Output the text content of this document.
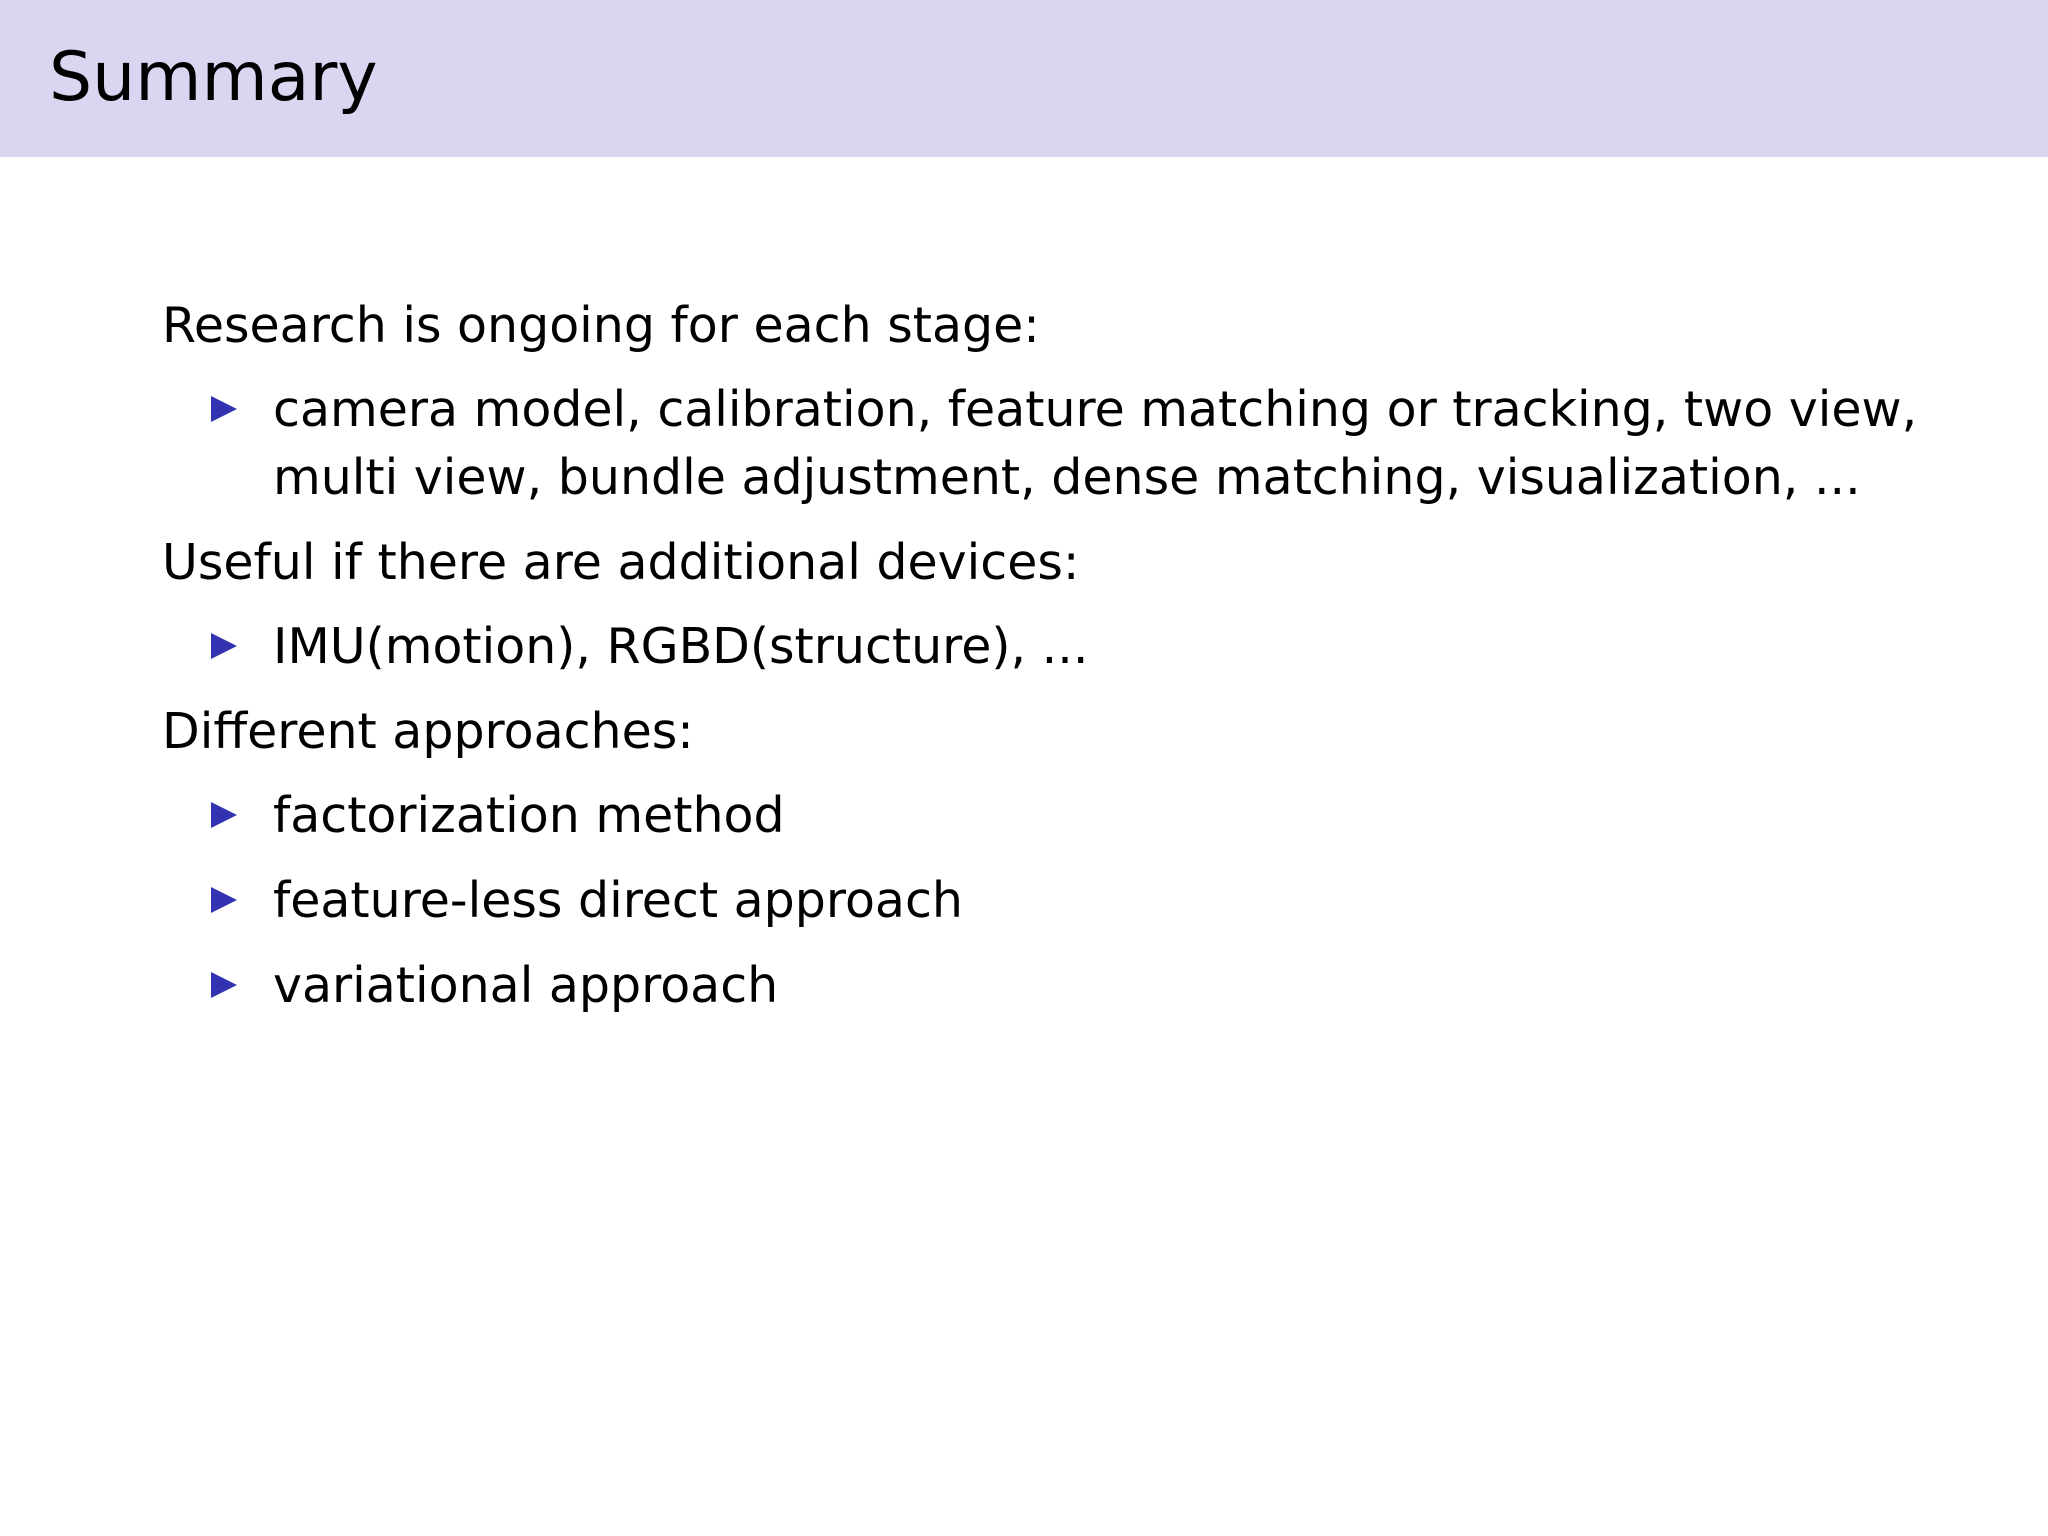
Summary
Research is ongoing for each stage:
camera model, calibration, feature matching or tracking, two view,
multi view, bundle adjustment, dense matching, visualization, ...
Useful if there are additional devices:
IMU(motion), RGBD(structure), ...
Different approaches:
factorization method
feature-less direct approach
variational approach
